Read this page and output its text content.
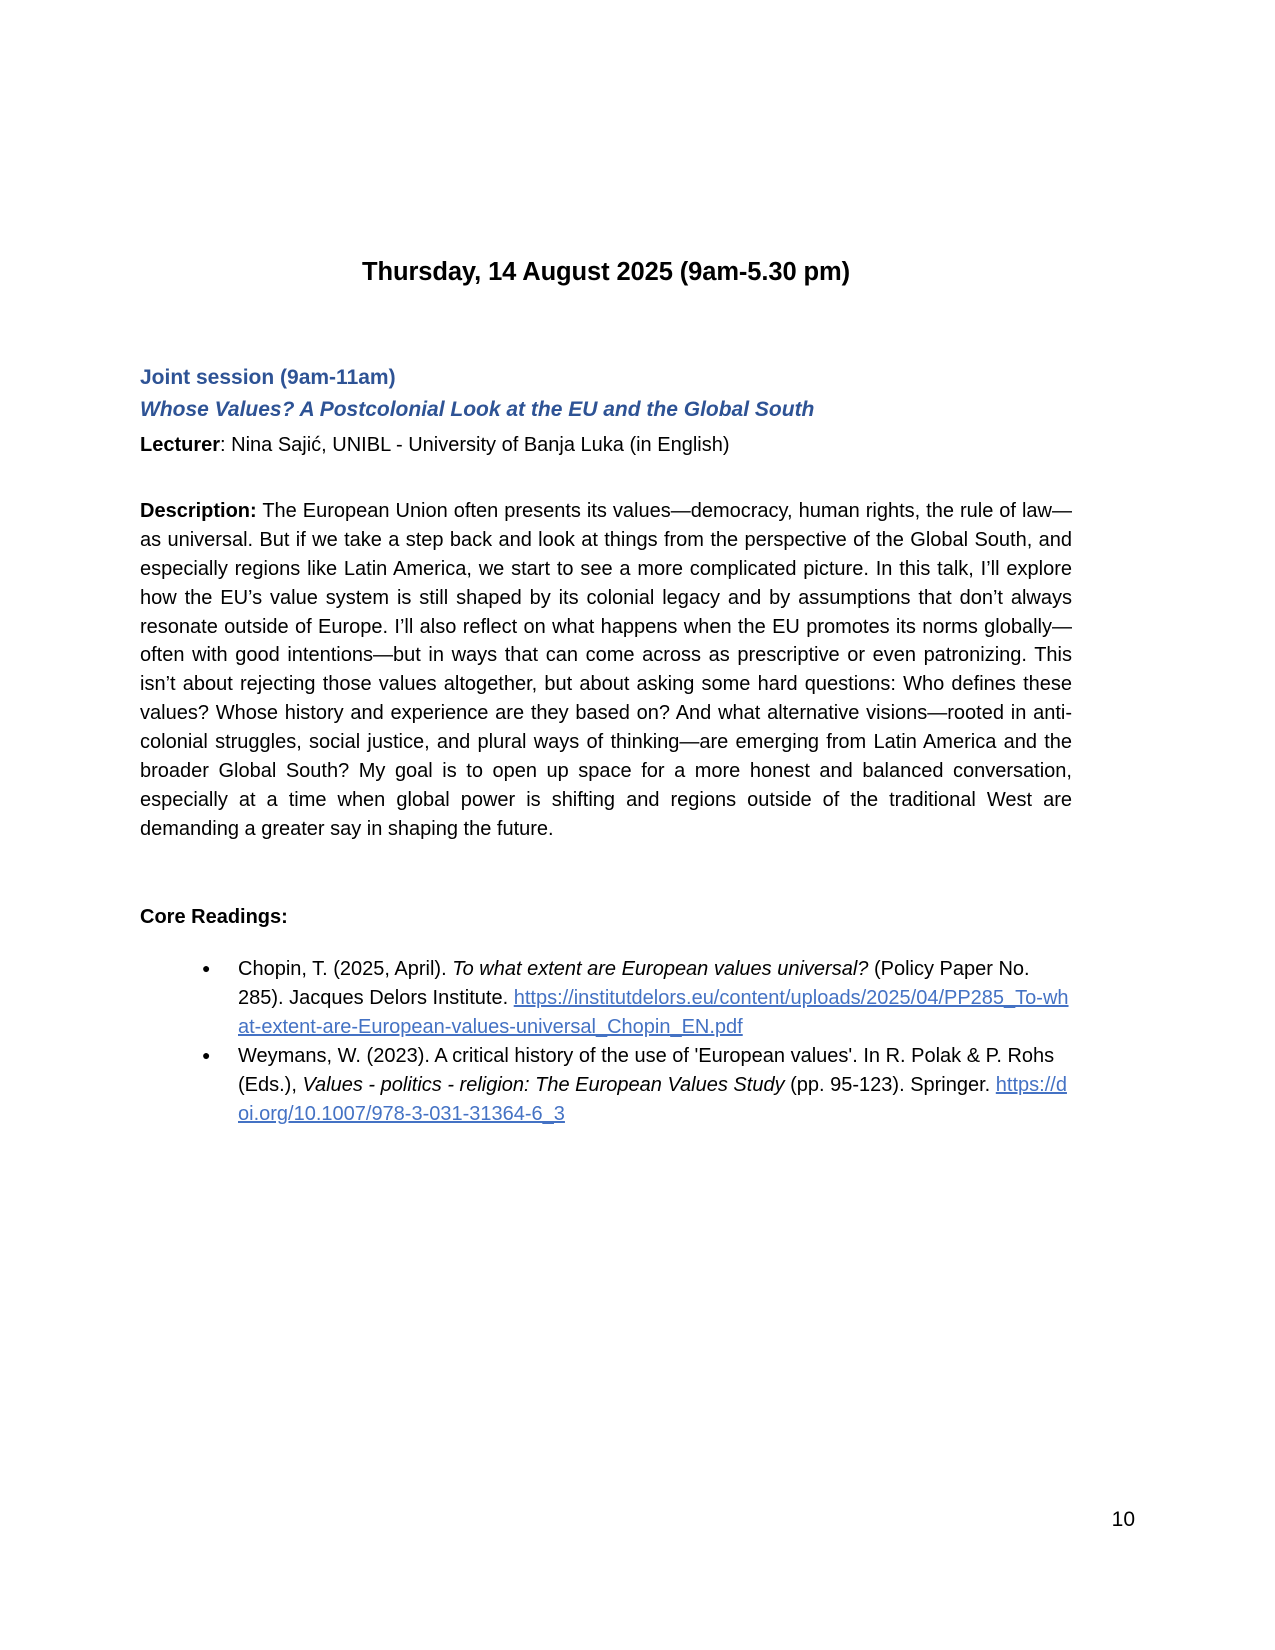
Thursday, 14 August 2025 (9am-5.30 pm)
Joint session (9am-11am)
Whose Values? A Postcolonial Look at the EU and the Global South

Lecturer: Nina Sajić, UNIBL - University of Banja Luka (in English)

Description: The European Union often presents its values—democracy, human rights, the rule of law—as universal. But if we take a step back and look at things from the perspective of the Global South, and especially regions like Latin America, we start to see a more complicated picture. In this talk, I’ll explore how the EU’s value system is still shaped by its colonial legacy and by assumptions that don’t always resonate outside of Europe. I’ll also reflect on what happens when the EU promotes its norms globally—often with good intentions—but in ways that can come across as prescriptive or even patronizing. This isn’t about rejecting those values altogether, but about asking some hard questions: Who defines these values? Whose history and experience are they based on? And what alternative visions—rooted in anti-colonial struggles, social justice, and plural ways of thinking—are emerging from Latin America and the broader Global South? My goal is to open up space for a more honest and balanced conversation, especially at a time when global power is shifting and regions outside of the traditional West are demanding a greater say in shaping the future.

Core Readings:
● Chopin, T. (2025, April). To what extent are European values universal? (Policy Paper No. 285). Jacques Delors Institute. https://institutdelors.eu/content/uploads/2025/04/PP285_To-what-extent-are-European-values-universal_Chopin_EN.pdf
● Weymans, W. (2023). A critical history of the use of 'European values'. In R. Polak & P. Rohs (Eds.), Values - politics - religion: The European Values Study (pp. 95-123). Springer. https://doi.org/10.1007/978-3-031-31364-6_3
10
